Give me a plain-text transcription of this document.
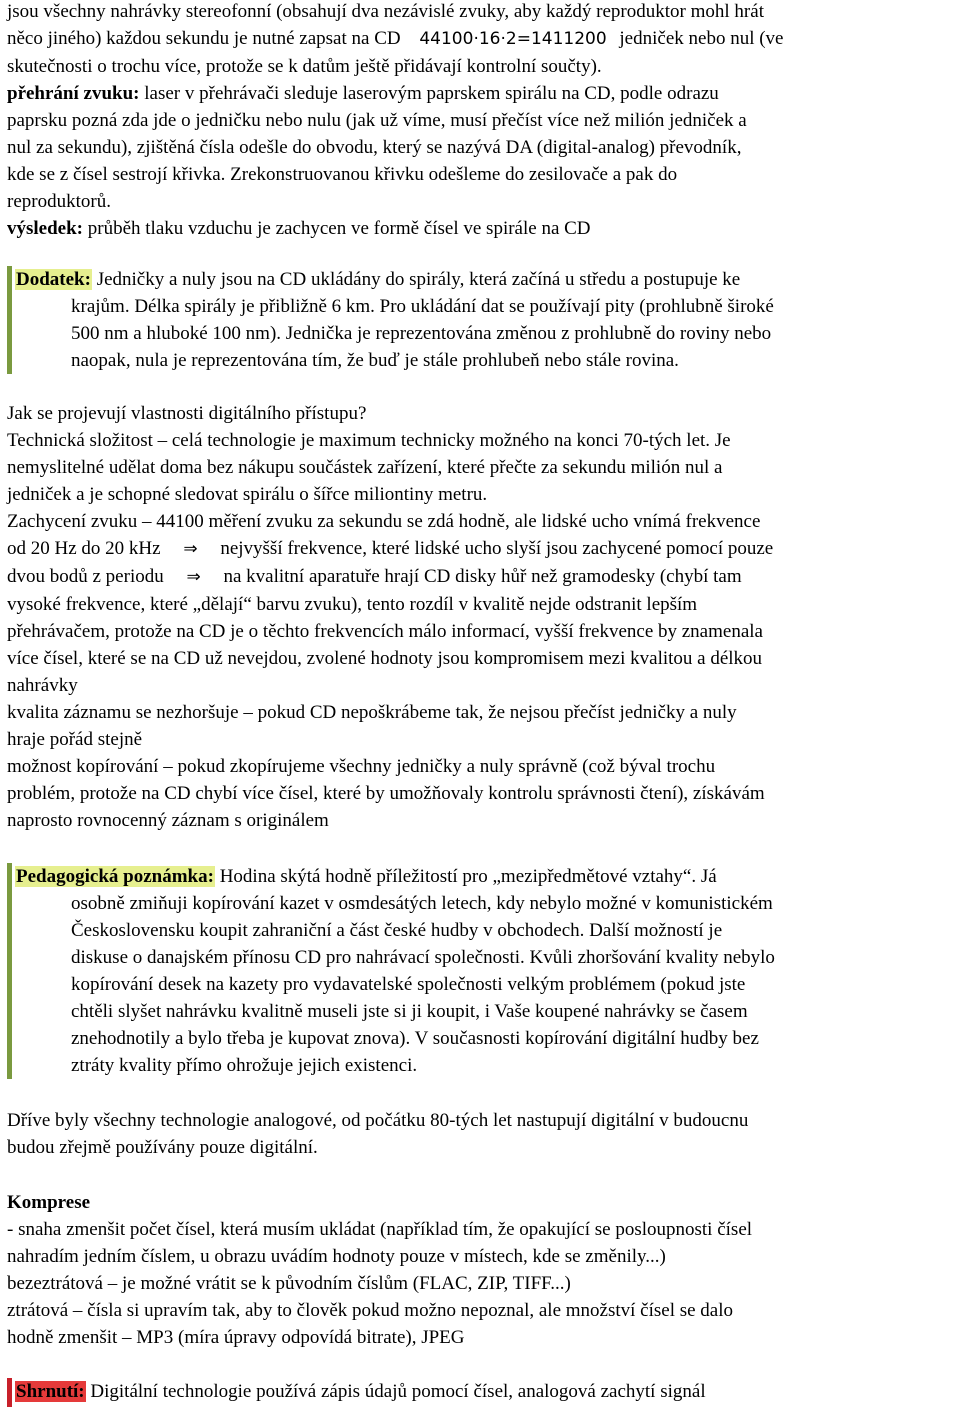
jsou všechny nahrávky stereofonní (obsahují dva nezávislé zvuky, aby každý reproduktor mohl hrát

něco jiného) každou sekundu je nutné zapsat na CD 44100·16·2=1411200 jedniček nebo nul (ve

skutečnosti o trochu více, protože se k datům ještě přidávají kontrolní součty).

přehrání zvuku: laser v přehrávači sleduje laserovým paprskem spirálu na CD, podle odrazu

paprsku pozná zda jde o jedničku nebo nulu (jak už víme, musí přečíst více než milión jedniček a

nul za sekundu), zjištěná čísla odešle do obvodu, který se nazývá DA (digital-analog) převodník,

kde se z čísel sestrojí křivka. Zrekonstruovanou křivku odešleme do zesilovače a pak do

reproduktorů.

výsledek: průběh tlaku vzduchu je zachycen ve formě čísel ve spirále na CD

Dodatek: Jedničky a nuly jsou na CD ukládány do spirály, která začíná u středu a postupuje ke

krajům. Délka spirály je přibližně 6 km. Pro ukládání dat se používají pity (prohlubně široké

500 nm a hluboké 100 nm). Jednička je reprezentována změnou z prohlubně do roviny nebo

naopak, nula je reprezentována tím, že buď je stále prohlubeň nebo stále rovina.

Jak se projevují vlastnosti digitálního přístupu?

Technická složitost – celá technologie je maximum technicky možného na konci 70-tých let. Je

nemyslitelné udělat doma bez nákupu součástek zařízení, které přečte za sekundu milión nul a

jedniček a je schopné sledovat spirálu o šířce miliontiny metru.

Zachycení zvuku – 44100 měření zvuku za sekundu se zdá hodně, ale lidské ucho vnímá frekvence

od 20 Hz do 20 kHz ⇒ nejvyšší frekvence, které lidské ucho slyší jsou zachycené pomocí pouze

dvou bodů z periodu ⇒ na kvalitní aparatuře hrají CD disky hůř než gramodesky (chybí tam

vysoké frekvence, které „dělají“ barvu zvuku), tento rozdíl v kvalitě nejde odstranit lepším

přehrávačem, protože na CD je o těchto frekvencích málo informací, vyšší frekvence by znamenala

více čísel, které se na CD už nevejdou, zvolené hodnoty jsou kompromisem mezi kvalitou a délkou

nahrávky

kvalita záznamu se nezhoršuje – pokud CD nepoškrábeme tak, že nejsou přečíst jedničky a nuly

hraje pořád stejně

možnost kopírování – pokud zkopírujeme všechny jedničky a nuly správně (což býval trochu

problém, protože na CD chybí více čísel, které by umožňovaly kontrolu správnosti čtení), získávám

naprosto rovnocenný záznam s originálem

Pedagogická poznámka: Hodina skýtá hodně příležitostí pro „mezipředmětové vztahy“. Já

osobně zmiňuji kopírování kazet v osmdesátých letech, kdy nebylo možné v komunistickém

Československu koupit zahraniční a část české hudby v obchodech. Další možností je

diskuse o danajském přínosu CD pro nahrávací společnosti. Kvůli zhoršování kvality nebylo

kopírování desek na kazety pro vydavatelské společnosti velkým problémem (pokud jste

chtěli slyšet nahrávku kvalitně museli jste si ji koupit, i Vaše koupené nahrávky se časem

znehodnotily a bylo třeba je kupovat znova). V současnosti kopírování digitální hudby bez

ztráty kvality přímo ohrožuje jejich existenci.

Dříve byly všechny technologie analogové, od počátku 80-tých let nastupují digitální v budoucnu

budou zřejmě používány pouze digitální.

Komprese

- snaha zmenšit počet čísel, která musím ukládat (například tím, že opakující se posloupnosti čísel

nahradím jedním číslem, u obrazu uvádím hodnoty pouze v místech, kde se změnily...)

bezeztrátová – je možné vrátit se k původním číslům (FLAC, ZIP, TIFF...)

ztrátová – čísla si upravím tak, aby to člověk pokud možno nepoznal, ale množství čísel se dalo

hodně zmenšit – MP3 (míra úpravy odpovídá bitrate), JPEG

Shrnutí: Digitální technologie používá zápis údajů pomocí čísel, analogová zachytí signál
